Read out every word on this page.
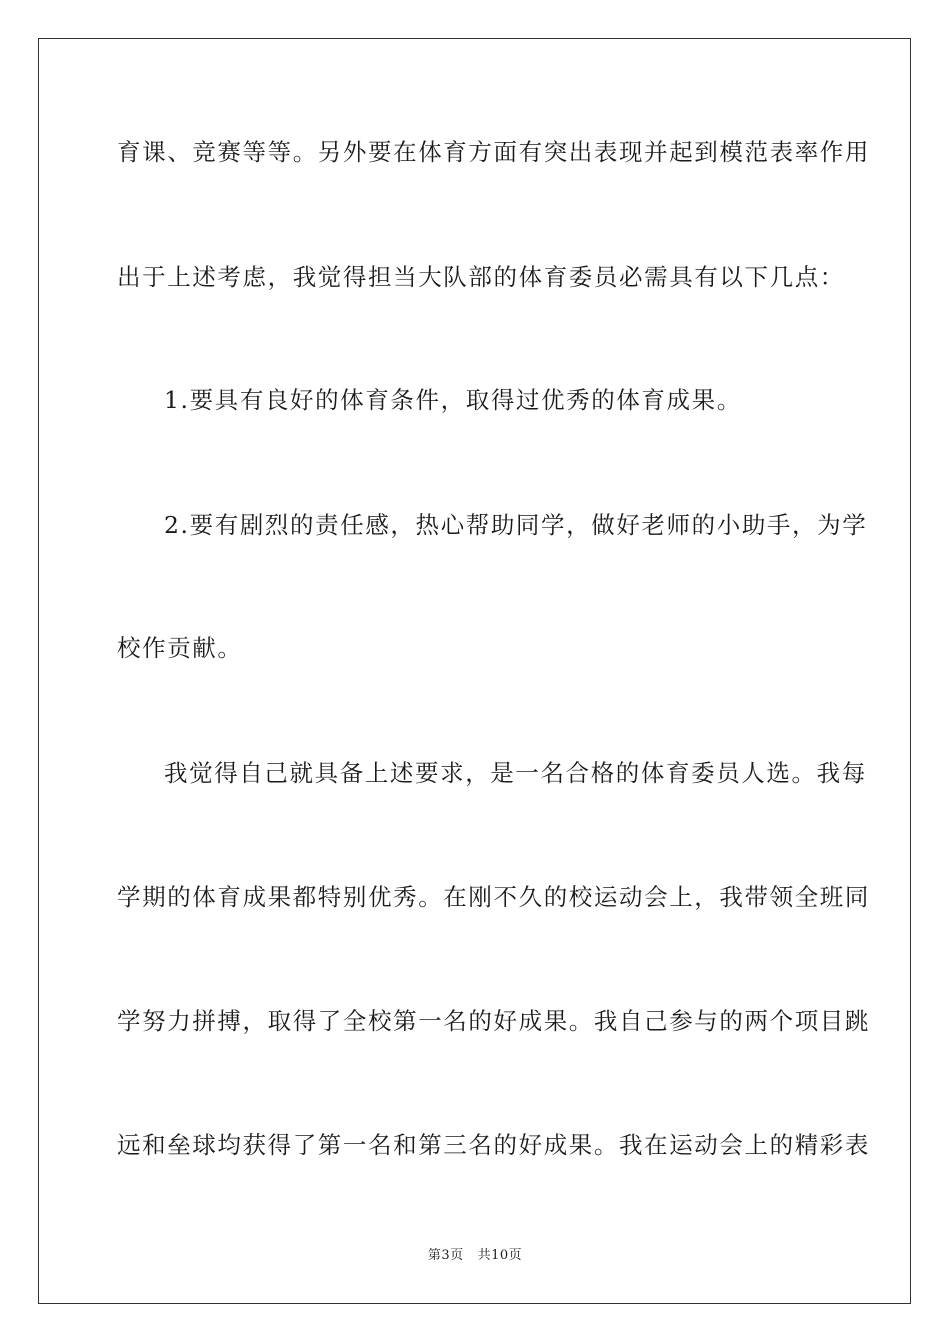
育课、竞赛等等。另外要在体育方面有突出表现并起到模范表率作用
出于上述考虑，我觉得担当大队部的体育委员必需具有以下几点：
1.要具有良好的体育条件，取得过优秀的体育成果。
2.要有剧烈的责任感，热心帮助同学，做好老师的小助手，为学
校作贡献。
我觉得自己就具备上述要求，是一名合格的体育委员人选。我每
学期的体育成果都特别优秀。在刚不久的校运动会上，我带领全班同
学努力拼搏，取得了全校第一名的好成果。我自己参与的两个项目跳
远和垒球均获得了第一名和第三名的好成果。我在运动会上的精彩表
第3页 共10页
